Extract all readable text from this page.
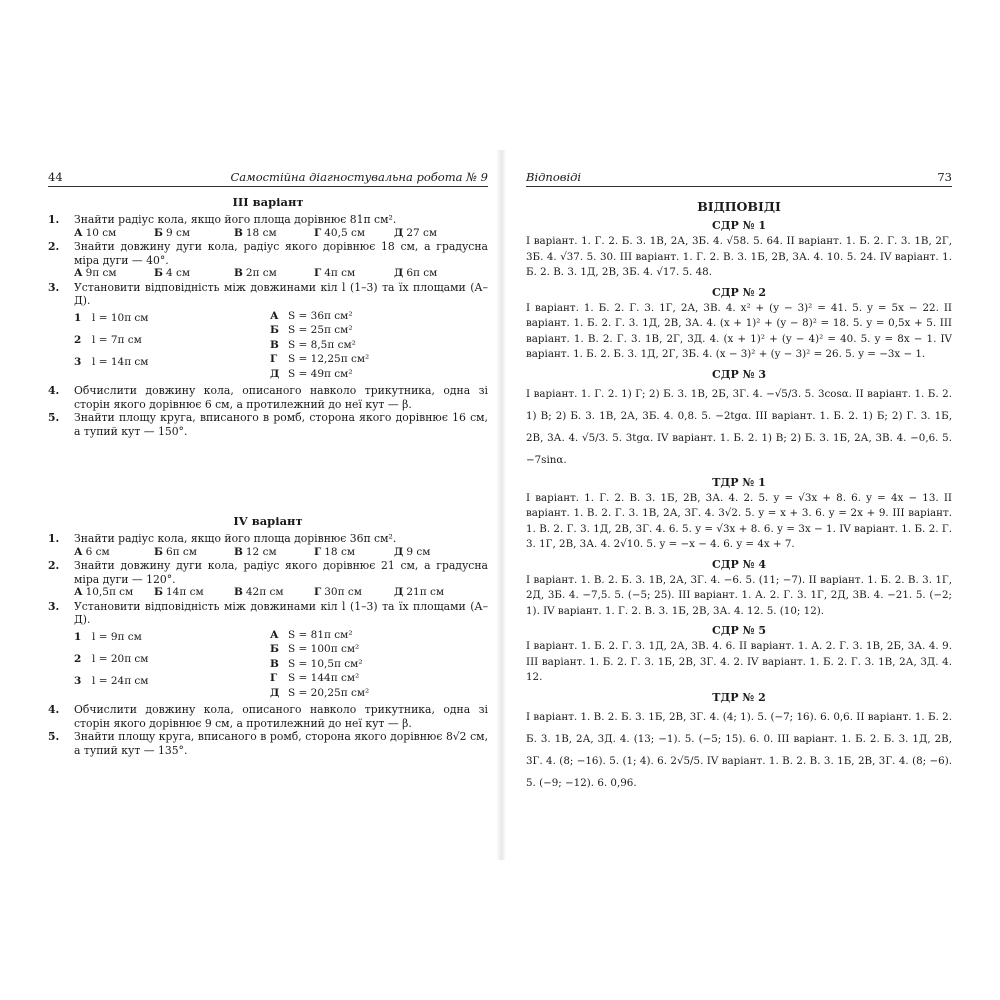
44	Самостійна діагностувальна робота № 9
III варіант
1.	Знайти радіус кола, якщо його площа дорівнює 81π см².
А 10 см	Б 9 см	В 18 см	Г 40,5 см	Д 27 см
2.	Знайти довжину дуги кола, радіус якого дорівнює 18 см, а градусна міра дуги — 40°.
А 9π см	Б 4 см	В 2π см	Г 4π см	Д 6π см
3.	Установити відповідність між довжинами кіл l (1–3) та їх площами (А–Д).
1 l = 10π см
2 l = 7π см
3 l = 14π см
А S = 36π см²
Б S = 25π см²
В S = 8,5π см²
Г S = 12,25π см²
Д S = 49π см²
4.	Обчислити довжину кола, описаного навколо трикутника, одна зі сторін якого дорівнює 6 см, а протилежний до неї кут — β.
5.	Знайти площу круга, вписаного в ромб, сторона якого дорівнює 16 см, а тупий кут — 150°.
IV варіант
1.	Знайти радіус кола, якщо його площа дорівнює 36π см².
А 6 см	Б 6π см	В 12 см	Г 18 см	Д 9 см
2.	Знайти довжину дуги кола, радіус якого дорівнює 21 см, а градусна міра дуги — 120°.
А 10,5π см	Б 14π см	В 42π см	Г 30π см	Д 21π см
3.	Установити відповідність між довжинами кіл l (1–3) та їх площами (А–Д).
1 l = 9π см
2 l = 20π см
3 l = 24π см
А S = 81π см²
Б S = 100π см²
В S = 10,5π см²
Г S = 144π см²
Д S = 20,25π см²
4.	Обчислити довжину кола, описаного навколо трикутника, одна зі сторін якого дорівнює 9 см, а протилежний до неї кут — β.
5.	Знайти площу круга, вписаного в ромб, сторона якого дорівнює 8√2 см, а тупий кут — 135°.
Відповіді	73
ВІДПОВІДІ
СДР № 1
І варіант. 1. Г. 2. Б. 3. 1В, 2А, 3Б. 4. √58. 5. 64. ІІ варіант. 1. Б. 2. Г. 3. 1В, 2Г, 3Б. 4. √37. 5. 30. ІІІ варіант. 1. Г. 2. В. 3. 1Б, 2В, 3А. 4. 10. 5. 24. IV варіант. 1. Б. 2. В. 3. 1Д, 2В, 3Б. 4. √17. 5. 48.
СДР № 2
І варіант. 1. Б. 2. Г. 3. 1Г, 2А, 3В. 4. x² + (y − 3)² = 41. 5. y = 5x − 22. ІІ варіант. 1. Б. 2. Г. 3. 1Д, 2В, 3А. 4. (x + 1)² + (y − 8)² = 18. 5. y = 0,5x + 5. ІІІ варіант. 1. В. 2. Г. 3. 1В, 2Г, 3Д. 4. (x + 1)² + (y − 4)² = 40. 5. y = 8x − 1. IV варіант. 1. Б. 2. Б. 3. 1Д, 2Г, 3Б. 4. (x − 3)² + (y − 3)² = 26. 5. y = −3x − 1.
СДР № 3
І варіант. 1. Г. 2. 1) Г; 2) Б. 3. 1В, 2Б, 3Г. 4. −√5/3. 5. 3cosα. ІІ варіант. 1. Б. 2. 1) В; 2) Б. 3. 1В, 2А, 3Б. 4. 0,8. 5. −2tgα. ІІІ варіант. 1. Б. 2. 1) Б; 2) Г. 3. 1Б, 2В, 3А. 4. √5/3. 5. 3tgα. IV варіант. 1. Б. 2. 1) В; 2) Б. 3. 1Б, 2А, 3В. 4. −0,6. 5. −7sinα.
ТДР № 1
І варіант. 1. Г. 2. В. 3. 1Б, 2В, 3А. 4. 2. 5. y = √3x + 8. 6. y = 4x − 13. ІІ варіант. 1. В. 2. Г. 3. 1В, 2А, 3Г. 4. 3√2. 5. y = x + 3. 6. y = 2x + 9. ІІІ варіант. 1. В. 2. Г. 3. 1Д, 2В, 3Г. 4. 6. 5. y = √3x + 8. 6. y = 3x − 1. IV варіант. 1. Б. 2. Г. 3. 1Г, 2В, 3А. 4. 2√10. 5. y = −x − 4. 6. y = 4x + 7.
СДР № 4
І варіант. 1. В. 2. Б. 3. 1В, 2А, 3Г. 4. −6. 5. (11; −7). ІІ варіант. 1. Б. 2. В. 3. 1Г, 2Д, 3Б. 4. −7,5. 5. (−5; 25). ІІІ варіант. 1. А. 2. Г. 3. 1Г, 2Д, 3В. 4. −21. 5. (−2; 1). IV варіант. 1. Г. 2. В. 3. 1Б, 2В, 3А. 4. 12. 5. (10; 12).
СДР № 5
І варіант. 1. Б. 2. Г. 3. 1Д, 2А, 3В. 4. 6. ІІ варіант. 1. А. 2. Г. 3. 1В, 2Б, 3А. 4. 9. ІІІ варіант. 1. Б. 2. Г. 3. 1Б, 2В, 3Г. 4. 2. IV варіант. 1. Б. 2. Г. 3. 1В, 2А, 3Д. 4. 12.
ТДР № 2
І варіант. 1. В. 2. Б. 3. 1Б, 2В, 3Г. 4. (4; 1). 5. (−7; 16). 6. 0,6. ІІ варіант. 1. Б. 2. Б. 3. 1В, 2А, 3Д. 4. (13; −1). 5. (−5; 15). 6. 0. ІІІ варіант. 1. Б. 2. Б. 3. 1Д, 2В, 3Г. 4. (8; −16). 5. (1; 4). 6. 2√5/5. IV варіант. 1. В. 2. В. 3. 1Б, 2В, 3Г. 4. (8; −6). 5. (−9; −12). 6. 0,96.
